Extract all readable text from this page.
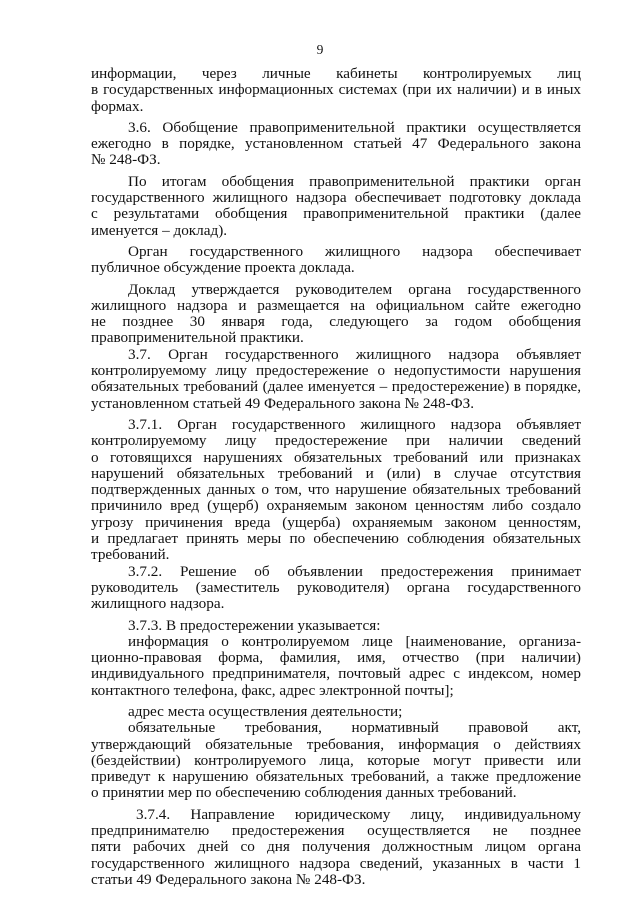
9
информации, через личные кабинеты контролируемых лиц
в государственных информационных системах (при их наличии) и в иных
формах.
3.6. Обобщение правоприменительной практики осуществляется
ежегодно в порядке, установленном статьей 47 Федерального закона
№ 248-ФЗ.
По итогам обобщения правоприменительной практики орган
государственного жилищного надзора обеспечивает подготовку доклада
с результатами обобщения правоприменительной практики (далее
именуется – доклад).
Орган государственного жилищного надзора обеспечивает
публичное обсуждение проекта доклада.
Доклад утверждается руководителем органа государственного
жилищного надзора и размещается на официальном сайте ежегодно
не позднее 30 января года, следующего за годом обобщения
правоприменительной практики.
3.7. Орган государственного жилищного надзора объявляет
контролируемому лицу предостережение о недопустимости нарушения
обязательных требований (далее именуется – предостережение) в порядке,
установленном статьей 49 Федерального закона № 248-ФЗ.
3.7.1. Орган государственного жилищного надзора объявляет
контролируемому лицу предостережение при наличии сведений
о готовящихся нарушениях обязательных требований или признаках
нарушений обязательных требований и (или) в случае отсутствия
подтвержденных данных о том, что нарушение обязательных требований
причинило вред (ущерб) охраняемым законом ценностям либо создало
угрозу причинения вреда (ущерба) охраняемым законом ценностям,
и предлагает принять меры по обеспечению соблюдения обязательных
требований.
3.7.2. Решение об объявлении предостережения принимает
руководитель (заместитель руководителя) органа государственного
жилищного надзора.
3.7.3. В предостережении указывается:
информация о контролируемом лице [наименование, организа-
ционно-правовая форма, фамилия, имя, отчество (при наличии)
индивидуального предпринимателя, почтовый адрес с индексом, номер
контактного телефона, факс, адрес электронной почты];
адрес места осуществления деятельности;
обязательные требования, нормативный правовой акт,
утверждающий обязательные требования, информация о действиях
(бездействии) контролируемого лица, которые могут привести или
приведут к нарушению обязательных требований, а также предложение
о принятии мер по обеспечению соблюдения данных требований.
3.7.4. Направление юридическому лицу, индивидуальному
предпринимателю предостережения осуществляется не позднее
пяти рабочих дней со дня получения должностным лицом органа
государственного жилищного надзора сведений, указанных в части 1
статьи 49 Федерального закона № 248-ФЗ.
